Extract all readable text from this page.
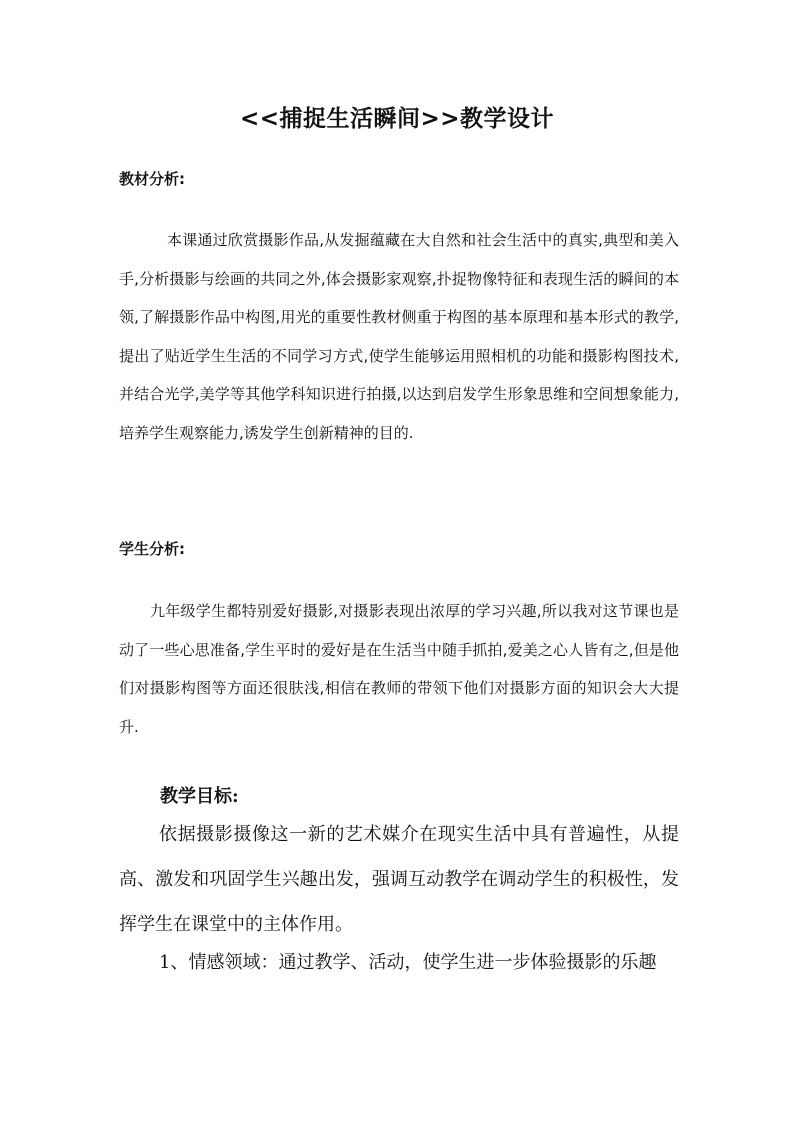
<<捕捉生活瞬间>>教学设计
教材分析:
本课通过欣赏摄影作品,从发掘蕴藏在大自然和社会生活中的真实,典型和美入手,分析摄影与绘画的共同之外,体会摄影家观察,扑捉物像特征和表现生活的瞬间的本领,了解摄影作品中构图,用光的重要性教材侧重于构图的基本原理和基本形式的教学,提出了贴近学生生活的不同学习方式,使学生能够运用照相机的功能和摄影构图技术,并结合光学,美学等其他学科知识进行拍摄,以达到启发学生形象思维和空间想象能力,培养学生观察能力,诱发学生创新精神的目的.
学生分析:
九年级学生都特别爱好摄影,对摄影表现出浓厚的学习兴趣,所以我对这节课也是动了一些心思准备,学生平时的爱好是在生活当中随手抓拍,爱美之心人皆有之,但是他们对摄影构图等方面还很肤浅,相信在教师的带领下他们对摄影方面的知识会大大提升.
教学目标:
依据摄影摄像这一新的艺术媒介在现实生活中具有普遍性，从提高、激发和巩固学生兴趣出发，强调互动教学在调动学生的积极性，发挥学生在课堂中的主体作用。
1、情感领域：通过教学、活动，使学生进一步体验摄影的乐趣
